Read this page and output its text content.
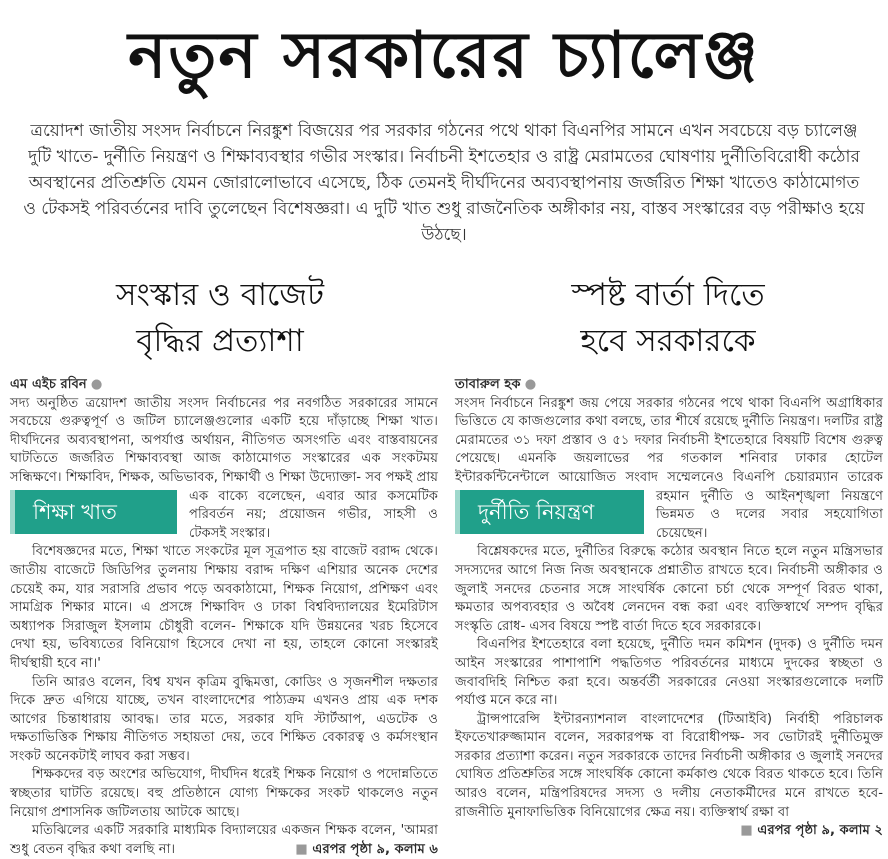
নতুন সরকারের চ্যালেঞ্জ
ত্রয়োদশ জাতীয় সংসদ নির্বাচনে নিরঙ্কুশ বিজয়ের পর সরকার গঠনের পথে থাকা বিএনপির সামনে এখন সবচেয়ে বড় চ্যালেঞ্জ দুটি খাতে- দুর্নীতি নিয়ন্ত্রণ ও শিক্ষাব্যবস্থার গভীর সংস্কার। নির্বাচনী ইশতেহার ও রাষ্ট্র মেরামতের ঘোষণায় দুর্নীতিবিরোধী কঠোর অবস্থানের প্রতিশ্রুতি যেমন জোরালোভাবে এসেছে, ঠিক তেমনই দীর্ঘদিনের অব্যবস্থাপনায় জর্জরিত শিক্ষা খাতেও কাঠামোগত ও টেকসই পরিবর্তনের দাবি তুলেছেন বিশেষজ্ঞরা। এ দুটি খাত শুধু রাজনৈতিক অঙ্গীকার নয়, বাস্তব সংস্কারের বড় পরীক্ষাও হয়ে উঠছে।
সংস্কার ও বাজেট
বৃদ্ধির প্রত্যাশা
স্পষ্ট বার্তা দিতে
হবে সরকারকে
এম এইচ রবিন ●
শিক্ষা খাত

সদ্য অনুষ্ঠিত ত্রয়োদশ জাতীয় সংসদ নির্বাচনের পর নবগঠিত সরকারের সামনে সবচেয়ে গুরুত্বপূর্ণ ও জটিল চ্যালেঞ্জগুলোর একটি হয়ে দাঁড়াচ্ছে শিক্ষা খাত। দীর্ঘদিনের অব্যবস্থাপনা, অপর্যাপ্ত অর্থায়ন, নীতিগত অসংগতি এবং বাস্তবায়নের ঘাটতিতে জর্জরিত শিক্ষাব্যবস্থা আজ কাঠামোগত সংস্কারের এক সংকটময় সন্ধিক্ষণে। শিক্ষাবিদ, শিক্ষক, অভিভাবক, শিক্ষার্থী ও শিক্ষা উদ্যোক্তা- সব পক্ষই প্রায় এক বাক্যে বলেছেন, এবার আর কসমেটিক পরিবর্তন নয়; প্রয়োজন গভীর, সাহসী ও টেকসই সংস্কার।

বিশেষজ্ঞদের মতে, শিক্ষা খাতে সংকটের মূল সূত্রপাত হয় বাজেট বরাদ্দ থেকে। জাতীয় বাজেটে জিডিপির তুলনায় শিক্ষায় বরাদ্দ দক্ষিণ এশিয়ার অনেক দেশের চেয়েই কম, যার সরাসরি প্রভাব পড়ে অবকাঠামো, শিক্ষক নিয়োগ, প্রশিক্ষণ এবং সামগ্রিক শিক্ষার মানে। এ প্রসঙ্গে শিক্ষাবিদ ও ঢাকা বিশ্ববিদ্যালয়ের ইমেরিটাস অধ্যাপক সিরাজুল ইসলাম চৌধুরী বলেন- শিক্ষাকে যদি উন্নয়নের খরচ হিসেবে দেখা হয়, ভবিষ্যতের বিনিয়োগ হিসেবে দেখা না হয়, তাহলে কোনো সংস্কারই দীর্ঘস্থায়ী হবে না।'

তিনি আরও বলেন, বিশ্ব যখন কৃত্রিম বুদ্ধিমত্তা, কোডিং ও সৃজনশীল দক্ষতার দিকে দ্রুত এগিয়ে যাচ্ছে, তখন বাংলাদেশের পাঠ্যক্রম এখনও প্রায় এক দশক আগের চিন্তাধারায় আবদ্ধ। তার মতে, সরকার যদি স্টার্টআপ, এডটেক ও দক্ষতাভিত্তিক শিক্ষায় নীতিগত সহায়তা দেয়, তবে শিক্ষিত বেকারত্ব ও কর্মসংস্থান সংকট অনেকটাই লাঘব করা সম্ভব।

শিক্ষকদের বড় অংশের অভিযোগ, দীর্ঘদিন ধরেই শিক্ষক নিয়োগ ও পদোন্নতিতে স্বচ্ছতার ঘাটতি রয়েছে। বহু প্রতিষ্ঠানে যোগ্য শিক্ষকের সংকট থাকলেও নতুন নিয়োগ প্রশাসনিক জটিলতায় আটকে আছে।

মতিঝিলের একটি সরকারি মাধ্যমিক বিদ্যালয়ের একজন শিক্ষক বলেন, 'আমরা শুধু বেতন বৃদ্ধির কথা বলছি না।	■ এরপর পৃষ্ঠা ৯, কলাম ৬

তাবারুল হক ●
দুর্নীতি নিয়ন্ত্রণ

সংসদ নির্বাচনে নিরঙ্কুশ জয় পেয়ে সরকার গঠনের পথে থাকা বিএনপি অগ্রাধিকার ভিত্তিতে যে কাজগুলোর কথা বলছে, তার শীর্ষে রয়েছে দুর্নীতি নিয়ন্ত্রণ। দলটির রাষ্ট্র মেরামতের ৩১ দফা প্রস্তাব ও ৫১ দফার নির্বাচনী ইশতেহারে বিষয়টি বিশেষ গুরুত্ব পেয়েছে। এমনকি জয়লাভের পর গতকাল শনিবার ঢাকার হোটেল ইন্টারকন্টিনেন্টালে আয়োজিত সংবাদ সম্মেলনেও বিএনপি চেয়ারম্যান তারেক রহমান দুর্নীতি ও আইনশৃঙ্খলা নিয়ন্ত্রণে ভিন্নমত ও দলের সবার সহযোগিতা চেয়েছেন।

বিশ্লেষকদের মতে, দুর্নীতির বিরুদ্ধে কঠোর অবস্থান নিতে হলে নতুন মন্ত্রিসভার সদস্যদের আগে নিজ নিজ অবস্থানকে প্রশ্নাতীত রাখতে হবে। নির্বাচনী অঙ্গীকার ও জুলাই সনদের চেতনার সঙ্গে সাংঘর্ষিক কোনো চর্চা থেকে সম্পূর্ণ বিরত থাকা, ক্ষমতার অপব্যবহার ও অবৈধ লেনদেন বন্ধ করা এবং ব্যক্তিস্বার্থে সম্পদ বৃদ্ধির সংস্কৃতি রোধ- এসব বিষয়ে স্পষ্ট বার্তা দিতে হবে সরকারকে।

বিএনপির ইশতেহারে বলা হয়েছে, দুর্নীতি দমন কমিশন (দুদক) ও দুর্নীতি দমন আইন সংস্কারের পাশাপাশি পদ্ধতিগত পরিবর্তনের মাধ্যমে দুদকের স্বচ্ছতা ও জবাবদিহি নিশ্চিত করা হবে। অন্তর্বর্তী সরকারের নেওয়া সংস্কারগুলোকে দলটি পর্যাপ্ত মনে করে না।

ট্রান্সপারেন্সি ইন্টারন্যাশনাল বাংলাদেশের (টিআইবি) নির্বাহী পরিচালক ইফতেখারুজ্জামান বলেন, সরকারপক্ষ বা বিরোধীপক্ষ- সব ভোটারই দুর্নীতিমুক্ত সরকার প্রত্যাশা করেন। নতুন সরকারকে তাদের নির্বাচনী অঙ্গীকার ও জুলাই সনদের ঘোষিত প্রতিশ্রুতির সঙ্গে সাংঘর্ষিক কোনো কর্মকাণ্ড থেকে বিরত থাকতে হবে। তিনি আরও বলেন, মন্ত্রিপরিষদের সদস্য ও দলীয় নেতাকর্মীদের মনে রাখতে হবে- রাজনীতি মুনাফাভিত্তিক বিনিয়োগের ক্ষেত্র নয়। ব্যক্তিস্বার্থ রক্ষা বা
■ এরপর পৃষ্ঠা ৯, কলাম ২
